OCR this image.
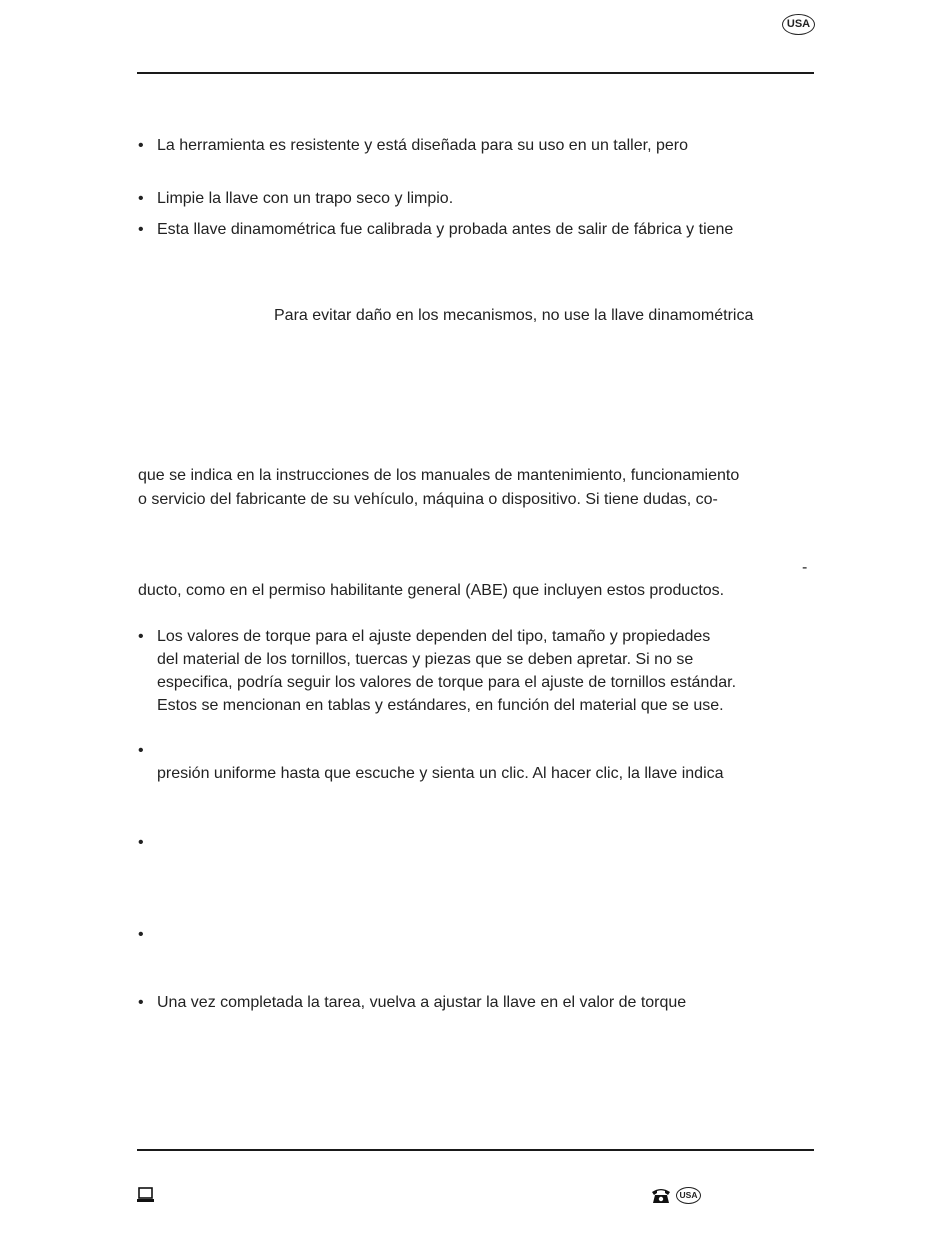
USA
• La herramienta es resistente y está diseñada para su uso en un taller, pero
• Limpie la llave con un trapo seco y limpio.
• Esta llave dinamométrica fue calibrada y probada antes de salir de fábrica y tiene
Para evitar daño en los mecanismos, no use la llave dinamométrica
que se indica en la instrucciones de los manuales de mantenimiento, funcionamiento
o servicio del fabricante de su vehículo, máquina o dispositivo. Si tiene dudas, co-
-
ducto, como en el permiso habilitante general (ABE) que incluyen estos productos.
• Los valores de torque para el ajuste dependen del tipo, tamaño y propiedades
del material de los tornillos, tuercas y piezas que se deben apretar. Si no se
especifica, podría seguir los valores de torque para el ajuste de tornillos estándar.
Estos se mencionan en tablas y estándares, en función del material que se use.
•
presión uniforme hasta que escuche y sienta un clic. Al hacer clic, la llave indica
•
•
• Una vez completada la tarea, vuelva a ajustar la llave en el valor de torque
USA
